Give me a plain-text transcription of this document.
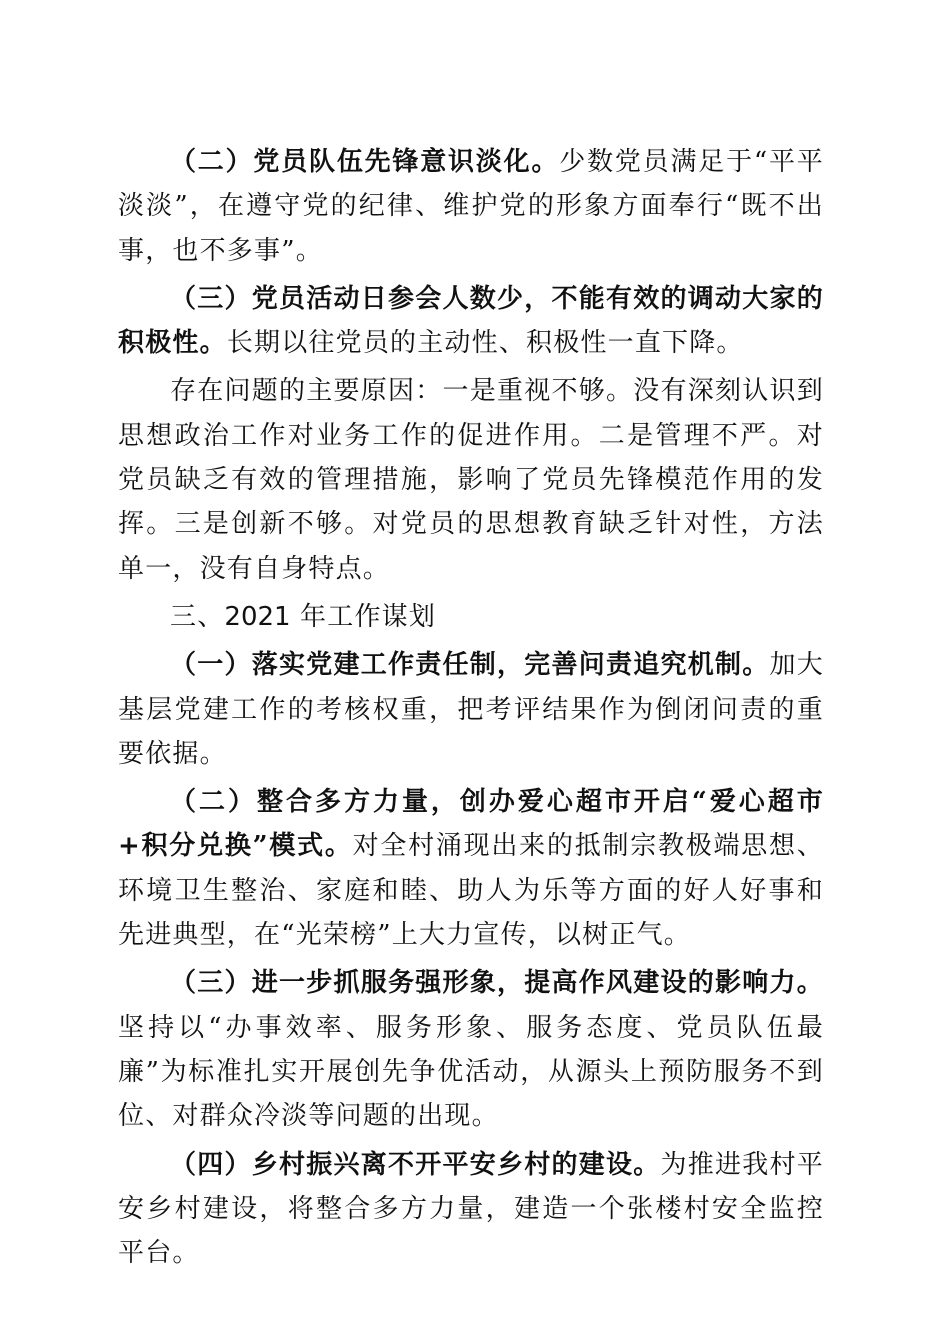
（二）党员队伍先锋意识淡化。少数党员满足于“平平淡淡”，在遵守党的纪律、维护党的形象方面奉行“既不出事，也不多事”。

（三）党员活动日参会人数少，不能有效的调动大家的积极性。长期以往党员的主动性、积极性一直下降。

存在问题的主要原因：一是重视不够。没有深刻认识到思想政治工作对业务工作的促进作用。二是管理不严。对党员缺乏有效的管理措施，影响了党员先锋模范作用的发挥。三是创新不够。对党员的思想教育缺乏针对性，方法单一，没有自身特点。

三、2021 年工作谋划

（一）落实党建工作责任制，完善问责追究机制。加大基层党建工作的考核权重，把考评结果作为倒闭问责的重要依据。

（二）整合多方力量，创办爱心超市开启“爱心超市+积分兑换”模式。对全村涌现出来的抵制宗教极端思想、环境卫生整治、家庭和睦、助人为乐等方面的好人好事和先进典型，在“光荣榜”上大力宣传，以树正气。

（三）进一步抓服务强形象，提高作风建设的影响力。坚持以“办事效率、服务形象、服务态度、党员队伍最廉”为标准扎实开展创先争优活动，从源头上预防服务不到位、对群众冷淡等问题的出现。

（四）乡村振兴离不开平安乡村的建设。为推进我村平安乡村建设，将整合多方力量，建造一个张楼村安全监控平台。
